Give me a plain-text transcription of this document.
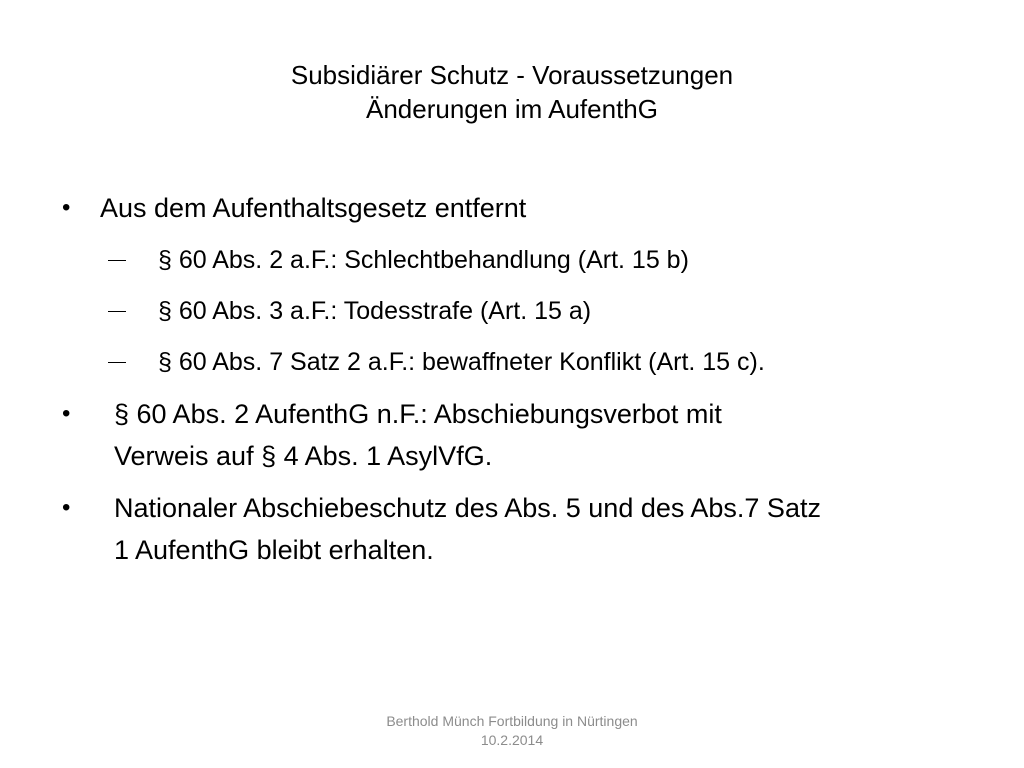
Subsidiärer Schutz - Voraussetzungen
Änderungen im AufenthG
• Aus dem Aufenthaltsgesetz entfernt
§ 60 Abs. 2 a.F.: Schlechtbehandlung (Art. 15 b)
§ 60 Abs. 3 a.F.: Todesstrafe (Art. 15 a)
§ 60 Abs. 7 Satz 2 a.F.: bewaffneter Konflikt (Art. 15 c).
• § 60 Abs. 2 AufenthG n.F.: Abschiebungsverbot mit
Verweis auf § 4 Abs. 1 AsylVfG.
• Nationaler Abschiebeschutz des Abs. 5 und des Abs.7 Satz
1 AufenthG bleibt erhalten.
Berthold Münch Fortbildung in Nürtingen
10.2.2014
